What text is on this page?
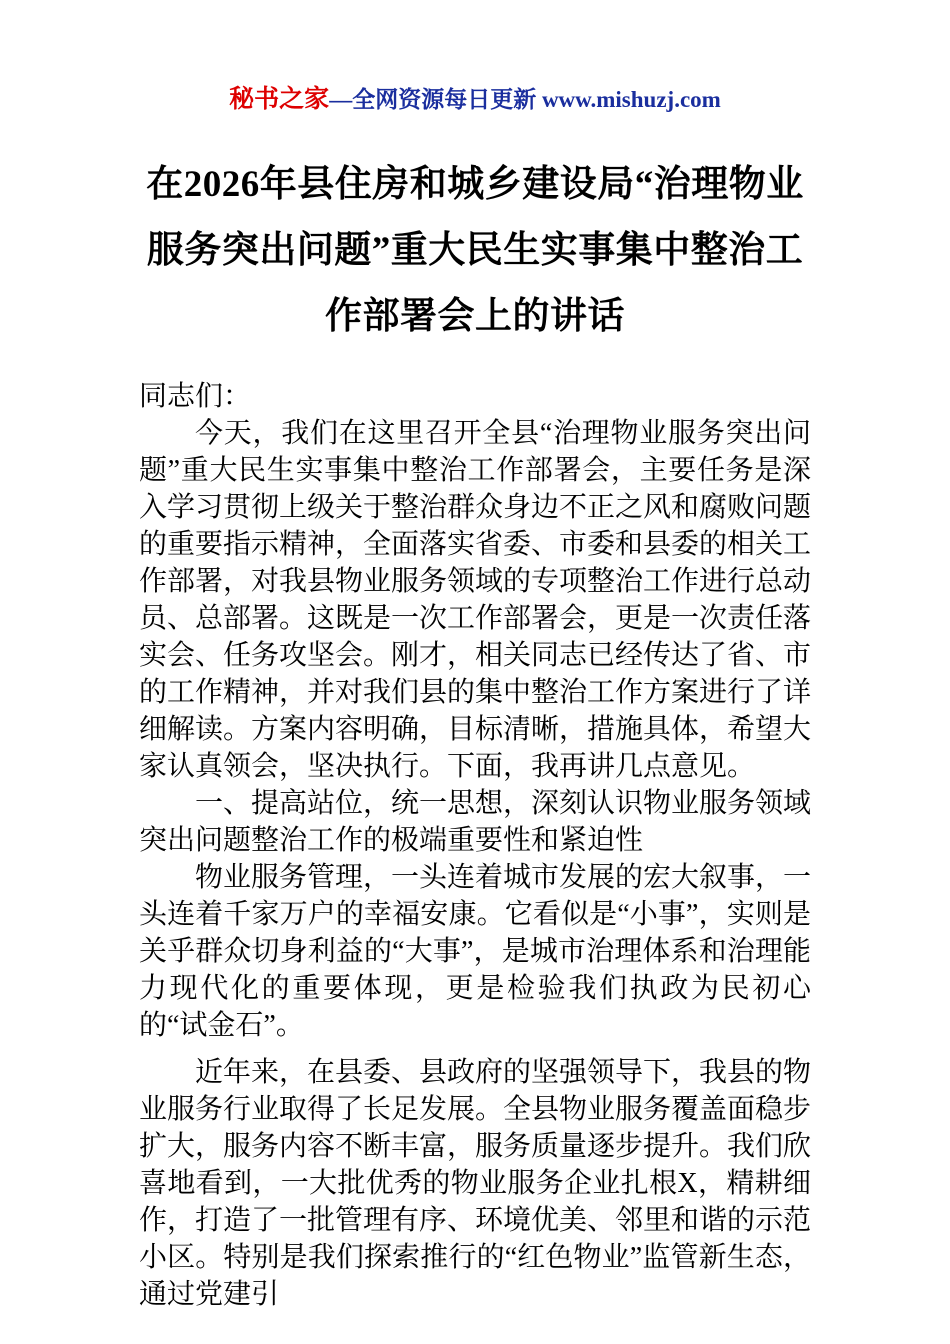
秘书之家—全网资源每日更新 www.mishuzj.com
在2026年县住房和城乡建设局“治理物业服务突出问题”重大民生实事集中整治工作部署会上的讲话

同志们：

今天，我们在这里召开全县“治理物业服务突出问题”重大民生实事集中整治工作部署会，主要任务是深入学习贯彻上级关于整治群众身边不正之风和腐败问题的重要指示精神，全面落实省委、市委和县委的相关工作部署，对我县物业服务领域的专项整治工作进行总动员、总部署。这既是一次工作部署会，更是一次责任落实会、任务攻坚会。刚才，相关同志已经传达了省、市的工作精神，并对我们县的集中整治工作方案进行了详细解读。方案内容明确，目标清晰，措施具体，希望大家认真领会，坚决执行。下面，我再讲几点意见。

一、提高站位，统一思想，深刻认识物业服务领域突出问题整治工作的极端重要性和紧迫性

物业服务管理，一头连着城市发展的宏大叙事，一头连着千家万户的幸福安康。它看似是“小事”，实则是关乎群众切身利益的“大事”，是城市治理体系和治理能力现代化的重要体现，更是检验我们执政为民初心的“试金石”。

近年来，在县委、县政府的坚强领导下，我县的物业服务行业取得了长足发展。全县物业服务覆盖面稳步扩大，服务内容不断丰富，服务质量逐步提升。我们欣喜地看到，一大批优秀的物业服务企业扎根X，精耕细作，打造了一批管理有序、环境优美、邻里和谐的示范小区。特别是我们探索推行的“红色物业”监管新生态，通过党建引
